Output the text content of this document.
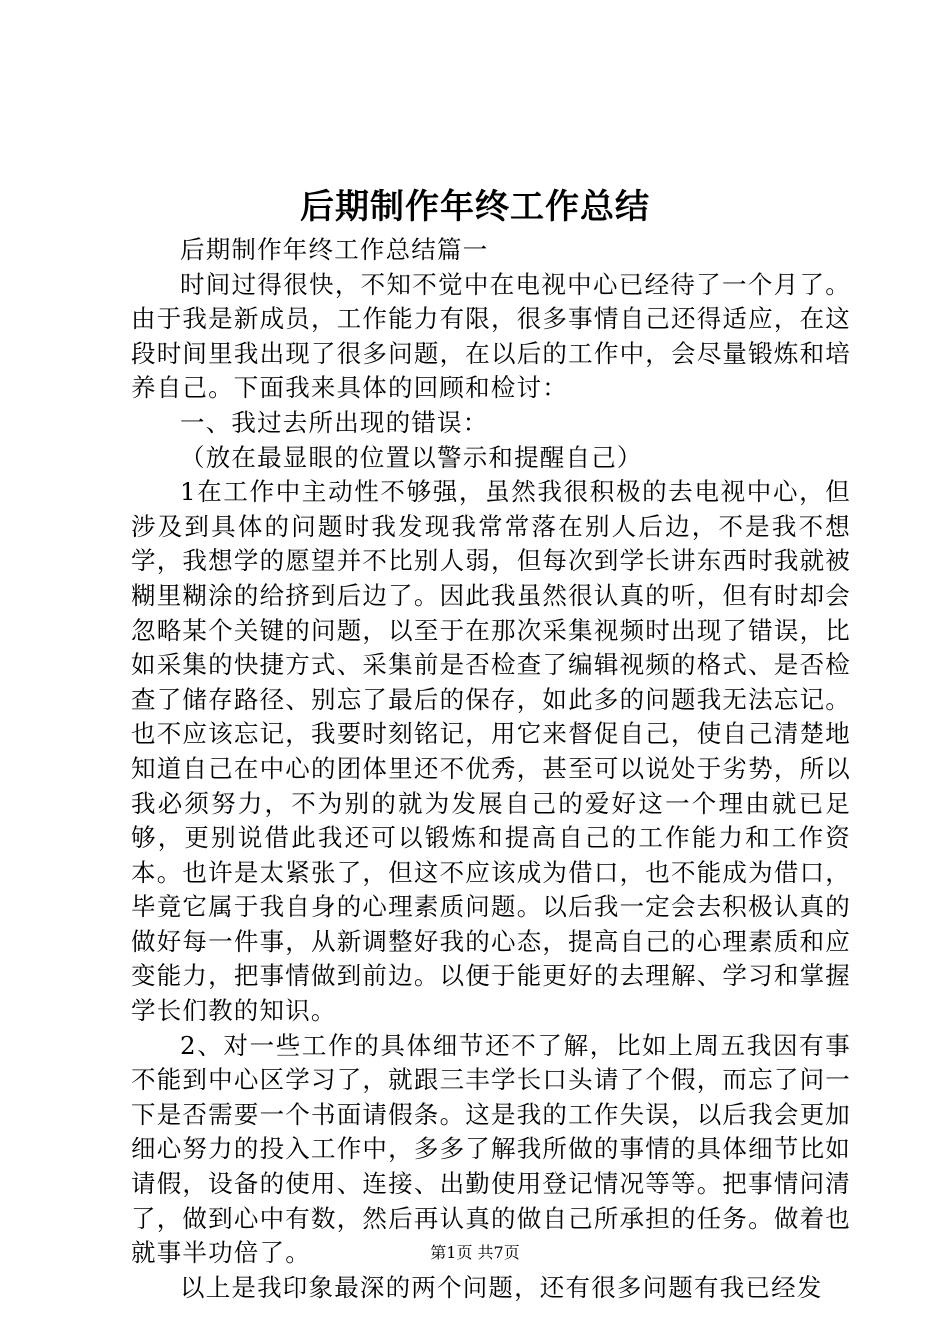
后期制作年终工作总结

后期制作年终工作总结篇一

时间过得很快，不知不觉中在电视中心已经待了一个月了。由于我是新成员，工作能力有限，很多事情自己还得适应，在这段时间里我出现了很多问题，在以后的工作中，会尽量锻炼和培养自己。下面我来具体的回顾和检讨：

一、我过去所出现的错误：

（放在最显眼的位置以警示和提醒自己）

1在工作中主动性不够强，虽然我很积极的去电视中心，但涉及到具体的问题时我发现我常常落在别人后边，不是我不想学，我想学的愿望并不比别人弱，但每次到学长讲东西时我就被糊里糊涂的给挤到后边了。因此我虽然很认真的听，但有时却会忽略某个关键的问题，以至于在那次采集视频时出现了错误，比如采集的快捷方式、采集前是否检查了编辑视频的格式、是否检查了储存路径、别忘了最后的保存，如此多的问题我无法忘记。也不应该忘记，我要时刻铭记，用它来督促自己，使自己清楚地知道自己在中心的团体里还不优秀，甚至可以说处于劣势，所以我必须努力，不为别的就为发展自己的爱好这一个理由就已足够，更别说借此我还可以锻炼和提高自己的工作能力和工作资本。也许是太紧张了，但这不应该成为借口，也不能成为借口，毕竟它属于我自身的心理素质问题。以后我一定会去积极认真的做好每一件事，从新调整好我的心态，提高自己的心理素质和应变能力，把事情做到前边。以便于能更好的去理解、学习和掌握学长们教的知识。

2、对一些工作的具体细节还不了解，比如上周五我因有事不能到中心区学习了，就跟三丰学长口头请了个假，而忘了问一下是否需要一个书面请假条。这是我的工作失误，以后我会更加细心努力的投入工作中，多多了解我所做的事情的具体细节比如请假，设备的使用、连接、出勤使用登记情况等等。把事情问清了，做到心中有数，然后再认真的做自己所承担的任务。做着也就事半功倍了。

以上是我印象最深的两个问题，还有很多问题有我已经发

第1页 共7页
